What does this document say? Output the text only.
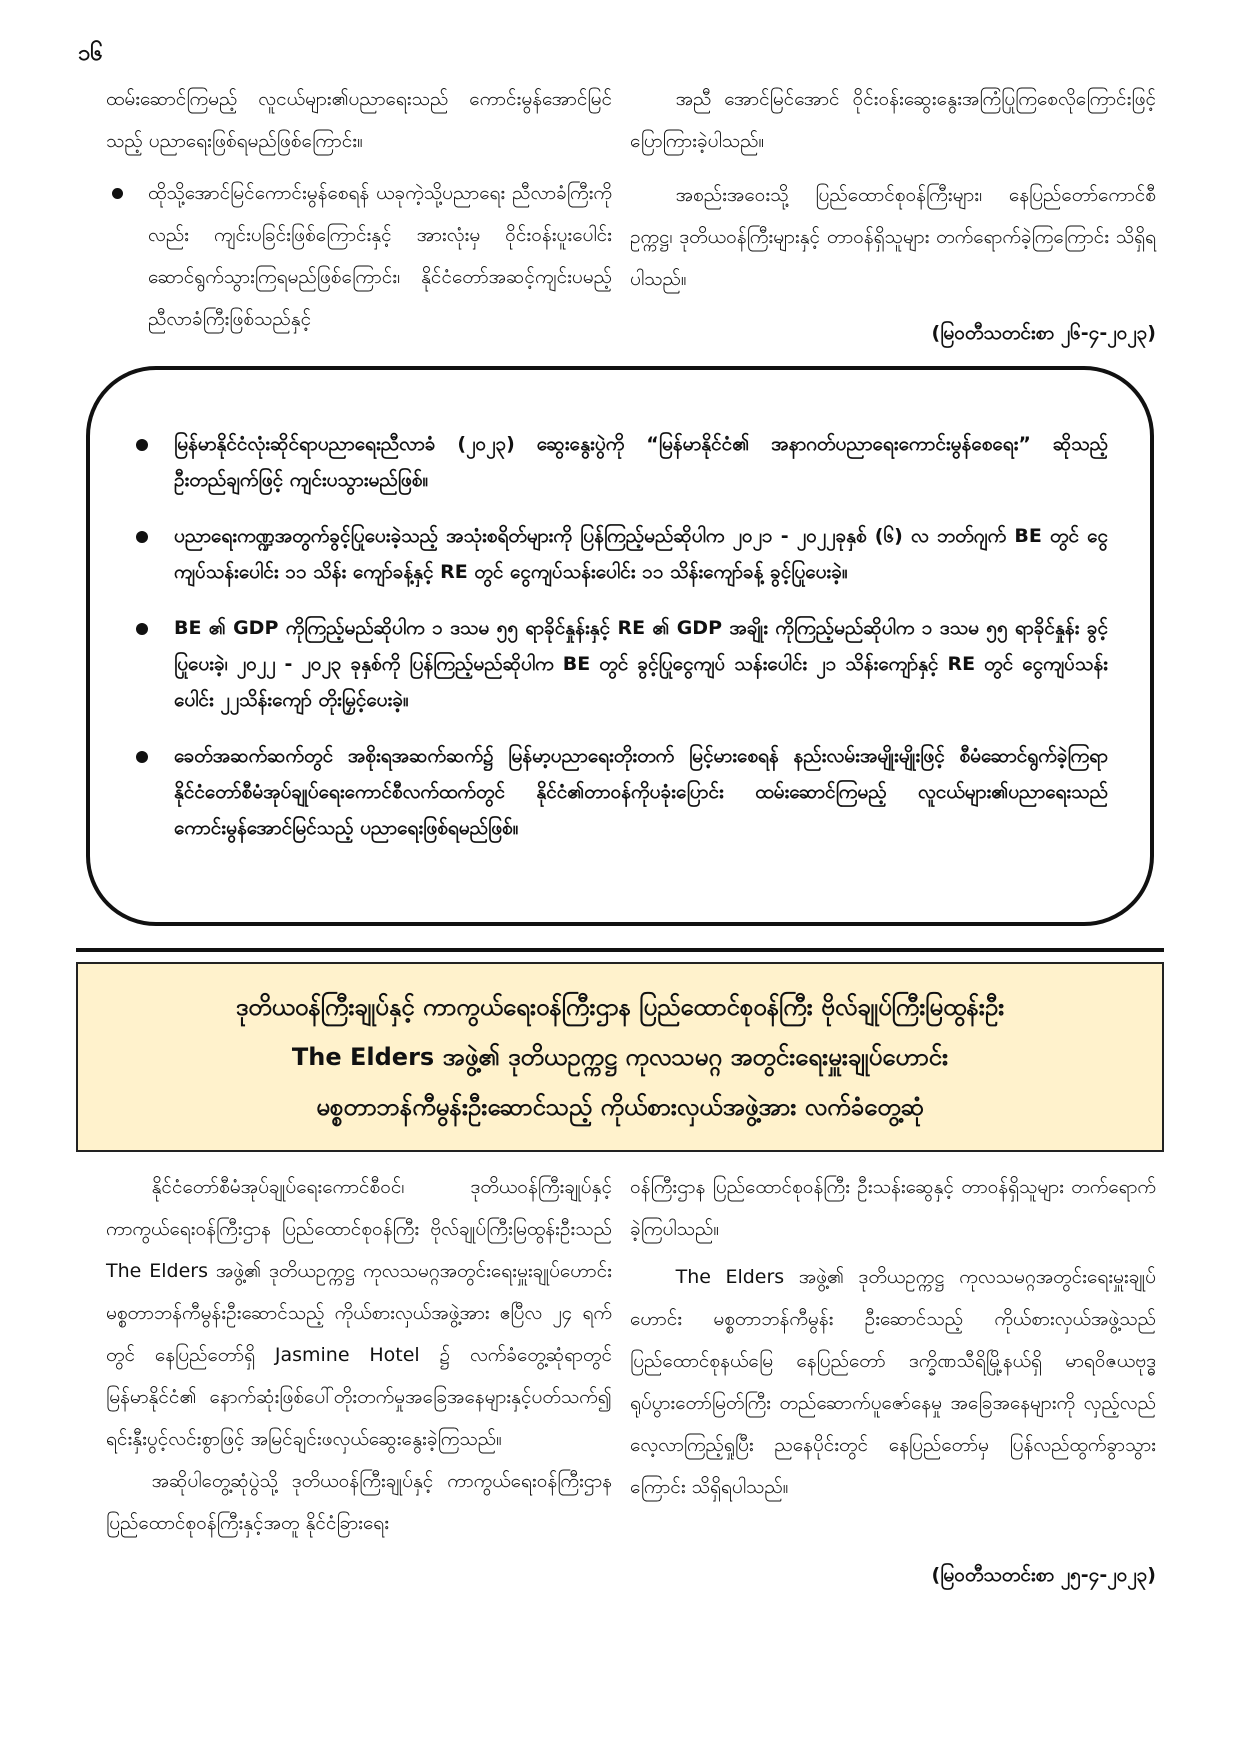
၁၆

ထမ်းဆောင်ကြမည့် လူငယ်များ၏ပညာရေးသည် ကောင်းမွန်အောင်မြင်သည့် ပညာရေးဖြစ်ရမည်ဖြစ်ကြောင်း။

ထိုသို့အောင်မြင်ကောင်းမွန်စေရန် ယခုကဲ့သို့ပညာရေး ညီလာခံကြီးကိုလည်း ကျင်းပခြင်းဖြစ်ကြောင်းနှင့် အားလုံးမှ ဝိုင်းဝန်းပူးပေါင်းဆောင်ရွက်သွားကြရမည်ဖြစ်ကြောင်း၊ နိုင်ငံတော်အဆင့်ကျင်းပမည့် ညီလာခံကြီးဖြစ်သည်နှင့်

အညီ အောင်မြင်အောင် ဝိုင်းဝန်းဆွေးနွေးအကြံပြုကြစေလိုကြောင်းဖြင့် ပြောကြားခဲ့ပါသည်။

အစည်းအဝေးသို့ ပြည်ထောင်စုဝန်ကြီးများ၊ နေပြည်တော်ကောင်စီဥက္ကဋ္ဌ၊ ဒုတိယဝန်ကြီးများနှင့် တာဝန်ရှိသူများ တက်ရောက်ခဲ့ကြကြောင်း သိရှိရပါသည်။

(မြဝတီသတင်းစာ ၂၆-၄-၂၀၂၃)

မြန်မာနိုင်ငံလုံးဆိုင်ရာပညာရေးညီလာခံ (၂၀၂၃) ဆွေးနွေးပွဲကို “မြန်မာနိုင်ငံ၏ အနာဂတ်ပညာရေးကောင်းမွန်စေရေး” ဆိုသည့် ဦးတည်ချက်ဖြင့် ကျင်းပသွားမည်ဖြစ်။
ပညာရေးကဏ္ဍအတွက်ခွင့်ပြုပေးခဲ့သည့် အသုံးစရိတ်များကို ပြန်ကြည့်မည်ဆိုပါက ၂၀၂၁ - ၂၀၂၂ခုနှစ် (၆) လ ဘတ်ဂျက် BE တွင် ငွေကျပ်သန်းပေါင်း ၁၁ သိန်း ကျော်ခန့်နှင့် RE တွင် ငွေကျပ်သန်းပေါင်း ၁၁ သိန်းကျော်ခန့် ခွင့်ပြုပေးခဲ့။
BE ၏ GDP ကိုကြည့်မည်ဆိုပါက ၁ ဒသမ ၅၅ ရာခိုင်နှုန်းနှင့် RE ၏ GDP အချိုး ကိုကြည့်မည်ဆိုပါက ၁ ဒသမ ၅၅ ရာခိုင်နှုန်း ခွင့်ပြုပေးခဲ့၊ ၂၀၂၂ - ၂၀၂၃ ခုနှစ်ကို ပြန်ကြည့်မည်ဆိုပါက BE တွင် ခွင့်ပြုငွေကျပ် သန်းပေါင်း ၂၁ သိန်းကျော်နှင့် RE တွင် ငွေကျပ်သန်းပေါင်း ၂၂သိန်းကျော် တိုးမြှင့်ပေးခဲ့။
ခေတ်အဆက်ဆက်တွင် အစိုးရအဆက်ဆက်၌ မြန်မာ့ပညာရေးတိုးတက် မြင့်မားစေရန် နည်းလမ်းအမျိုးမျိုးဖြင့် စီမံဆောင်ရွက်ခဲ့ကြရာ နိုင်ငံတော်စီမံအုပ်ချုပ်ရေးကောင်စီလက်ထက်တွင် နိုင်ငံ၏တာဝန်ကိုပခုံးပြောင်း ထမ်းဆောင်ကြမည့် လူငယ်များ၏ပညာရေးသည် ကောင်းမွန်အောင်မြင်သည့် ပညာရေးဖြစ်ရမည်ဖြစ်။
ဒုတိယဝန်ကြီးချုပ်နှင့် ကာကွယ်ရေးဝန်ကြီးဌာန ပြည်ထောင်စုဝန်ကြီး ဗိုလ်ချုပ်ကြီးမြထွန်းဦး
The Elders အဖွဲ့၏ ဒုတိယဥက္ကဋ္ဌ ကုလသမဂ္ဂ အတွင်းရေးမှူးချုပ်ဟောင်း
မစ္စတာဘန်ကီမွန်းဦးဆောင်သည့် ကိုယ်စားလှယ်အဖွဲ့အား လက်ခံတွေ့ဆုံ

နိုင်ငံတော်စီမံအုပ်ချုပ်ရေးကောင်စီဝင်၊ ဒုတိယဝန်ကြီးချုပ်နှင့် ကာကွယ်ရေးဝန်ကြီးဌာန ပြည်ထောင်စုဝန်ကြီး ဗိုလ်ချုပ်ကြီးမြထွန်းဦးသည် The Elders အဖွဲ့၏ ဒုတိယဥက္ကဋ္ဌ ကုလသမဂ္ဂအတွင်းရေးမှူးချုပ်ဟောင်း မစ္စတာဘန်ကီမွန်းဦးဆောင်သည့် ကိုယ်စားလှယ်အဖွဲ့အား ဧပြီလ ၂၄ ရက်တွင် နေပြည်တော်ရှိ Jasmine Hotel ၌ လက်ခံတွေ့ဆုံရာတွင် မြန်မာနိုင်ငံ၏ နောက်ဆုံးဖြစ်ပေါ်တိုးတက်မှုအခြေအနေများနှင့်ပတ်သက်၍ ရင်းနှီးပွင့်လင်းစွာဖြင့် အမြင်ချင်းဖလှယ်ဆွေးနွေးခဲ့ကြသည်။

အဆိုပါတွေ့ဆုံပွဲသို့ ဒုတိယဝန်ကြီးချုပ်နှင့် ကာကွယ်ရေးဝန်ကြီးဌာန ပြည်ထောင်စုဝန်ကြီးနှင့်အတူ နိုင်ငံခြားရေး

ဝန်ကြီးဌာန ပြည်ထောင်စုဝန်ကြီး ဦးသန်းဆွေနှင့် တာဝန်ရှိသူများ တက်ရောက်ခဲ့ကြပါသည်။

The Elders အဖွဲ့၏ ဒုတိယဥက္ကဋ္ဌ ကုလသမဂ္ဂအတွင်းရေးမှူးချုပ်ဟောင်း မစ္စတာဘန်ကီမွန်း ဦးဆောင်သည့် ကိုယ်စားလှယ်အဖွဲ့သည် ပြည်ထောင်စုနယ်မြေ နေပြည်တော် ဒက္ခိဏသီရိမြို့နယ်ရှိ မာရဝိဇယဗုဒ္ဓရုပ်ပွားတော်မြတ်ကြီး တည်ဆောက်ပူဇော်နေမှု အခြေအနေများကို လှည့်လည်လေ့လာကြည့်ရှုပြီး ညနေပိုင်းတွင် နေပြည်တော်မှ ပြန်လည်ထွက်ခွာသွားကြောင်း သိရှိရပါသည်။

(မြဝတီသတင်းစာ ၂၅-၄-၂၀၂၃)
